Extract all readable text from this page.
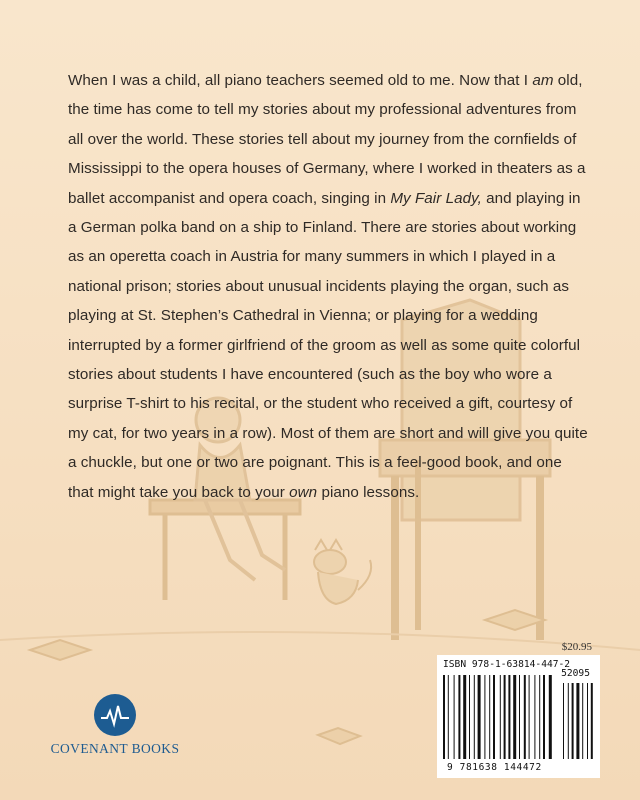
When I was a child, all piano teachers seemed old to me. Now that I am old, the time has come to tell my stories about my professional adventures from all over the world. These stories tell about my journey from the cornfields of Mississippi to the opera houses of Germany, where I worked in theaters as a ballet accompanist and opera coach, singing in My Fair Lady, and playing in a German polka band on a ship to Finland. There are stories about working as an operetta coach in Austria for many summers in which I played in a national prison; stories about unusual incidents playing the organ, such as playing at St. Stephen’s Cathedral in Vienna; or playing for a wedding interrupted by a former girlfriend of the groom as well as some quite colorful stories about students I have encountered (such as the boy who wore a surprise T-shirt to his recital, or the student who received a gift, courtesy of my cat, for two years in a row). Most of them are short and will give you quite a chuckle, but one or two are poignant. This is a feel-good book, and one that might take you back to your own piano lessons.

COVENANT BOOKS
$20.95
ISBN 978-1-63814-447-2
52095
9 781638 144472
